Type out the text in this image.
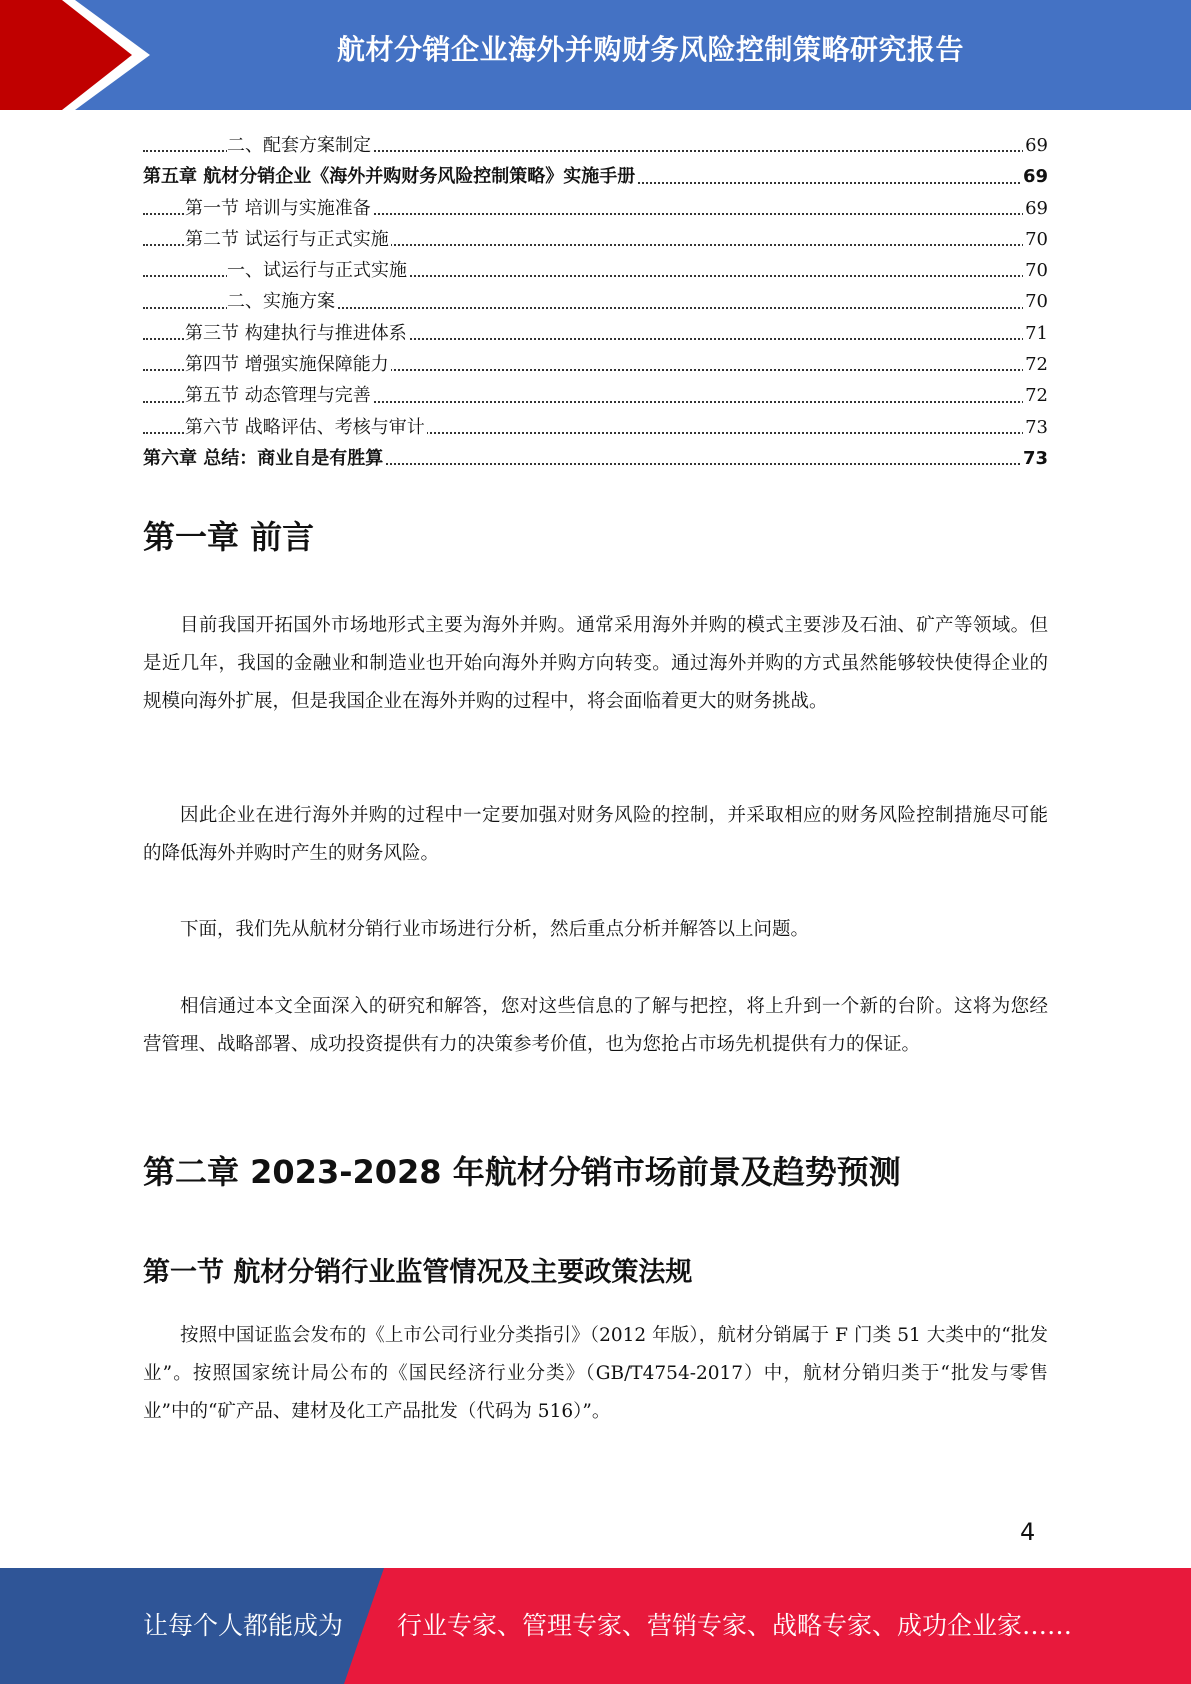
航材分销企业海外并购财务风险控制策略研究报告
二、配套方案制定	69
第五章 航材分销企业《海外并购财务风险控制策略》实施手册	69
第一节 培训与实施准备	69
第二节 试运行与正式实施	70
一、试运行与正式实施	70
二、实施方案	70
第三节 构建执行与推进体系	71
第四节 增强实施保障能力	72
第五节 动态管理与完善	72
第六节 战略评估、考核与审计	73
第六章 总结：商业自是有胜算	73
第一章 前言

目前我国开拓国外市场地形式主要为海外并购。通常采用海外并购的模式主要涉及石油、矿产等领域。但是近几年，我国的金融业和制造业也开始向海外并购方向转变。通过海外并购的方式虽然能够较快使得企业的规模向海外扩展，但是我国企业在海外并购的过程中，将会面临着更大的财务挑战。

因此企业在进行海外并购的过程中一定要加强对财务风险的控制，并采取相应的财务风险控制措施尽可能的降低海外并购时产生的财务风险。

下面，我们先从航材分销行业市场进行分析，然后重点分析并解答以上问题。

相信通过本文全面深入的研究和解答，您对这些信息的了解与把控，将上升到一个新的台阶。这将为您经营管理、战略部署、成功投资提供有力的决策参考价值，也为您抢占市场先机提供有力的保证。

第二章 2023-2028 年航材分销市场前景及趋势预测
第一节 航材分销行业监管情况及主要政策法规

按照中国证监会发布的《上市公司行业分类指引》（2012 年版），航材分销属于 F 门类 51 大类中的“批发业”。按照国家统计局公布的《国民经济行业分类》（GB/T4754-2017）中，航材分销归类于“批发与零售业”中的“矿产品、建材及化工产品批发（代码为 516）”。

4
让每个人都能成为 行业专家、管理专家、营销专家、战略专家、成功企业家……
